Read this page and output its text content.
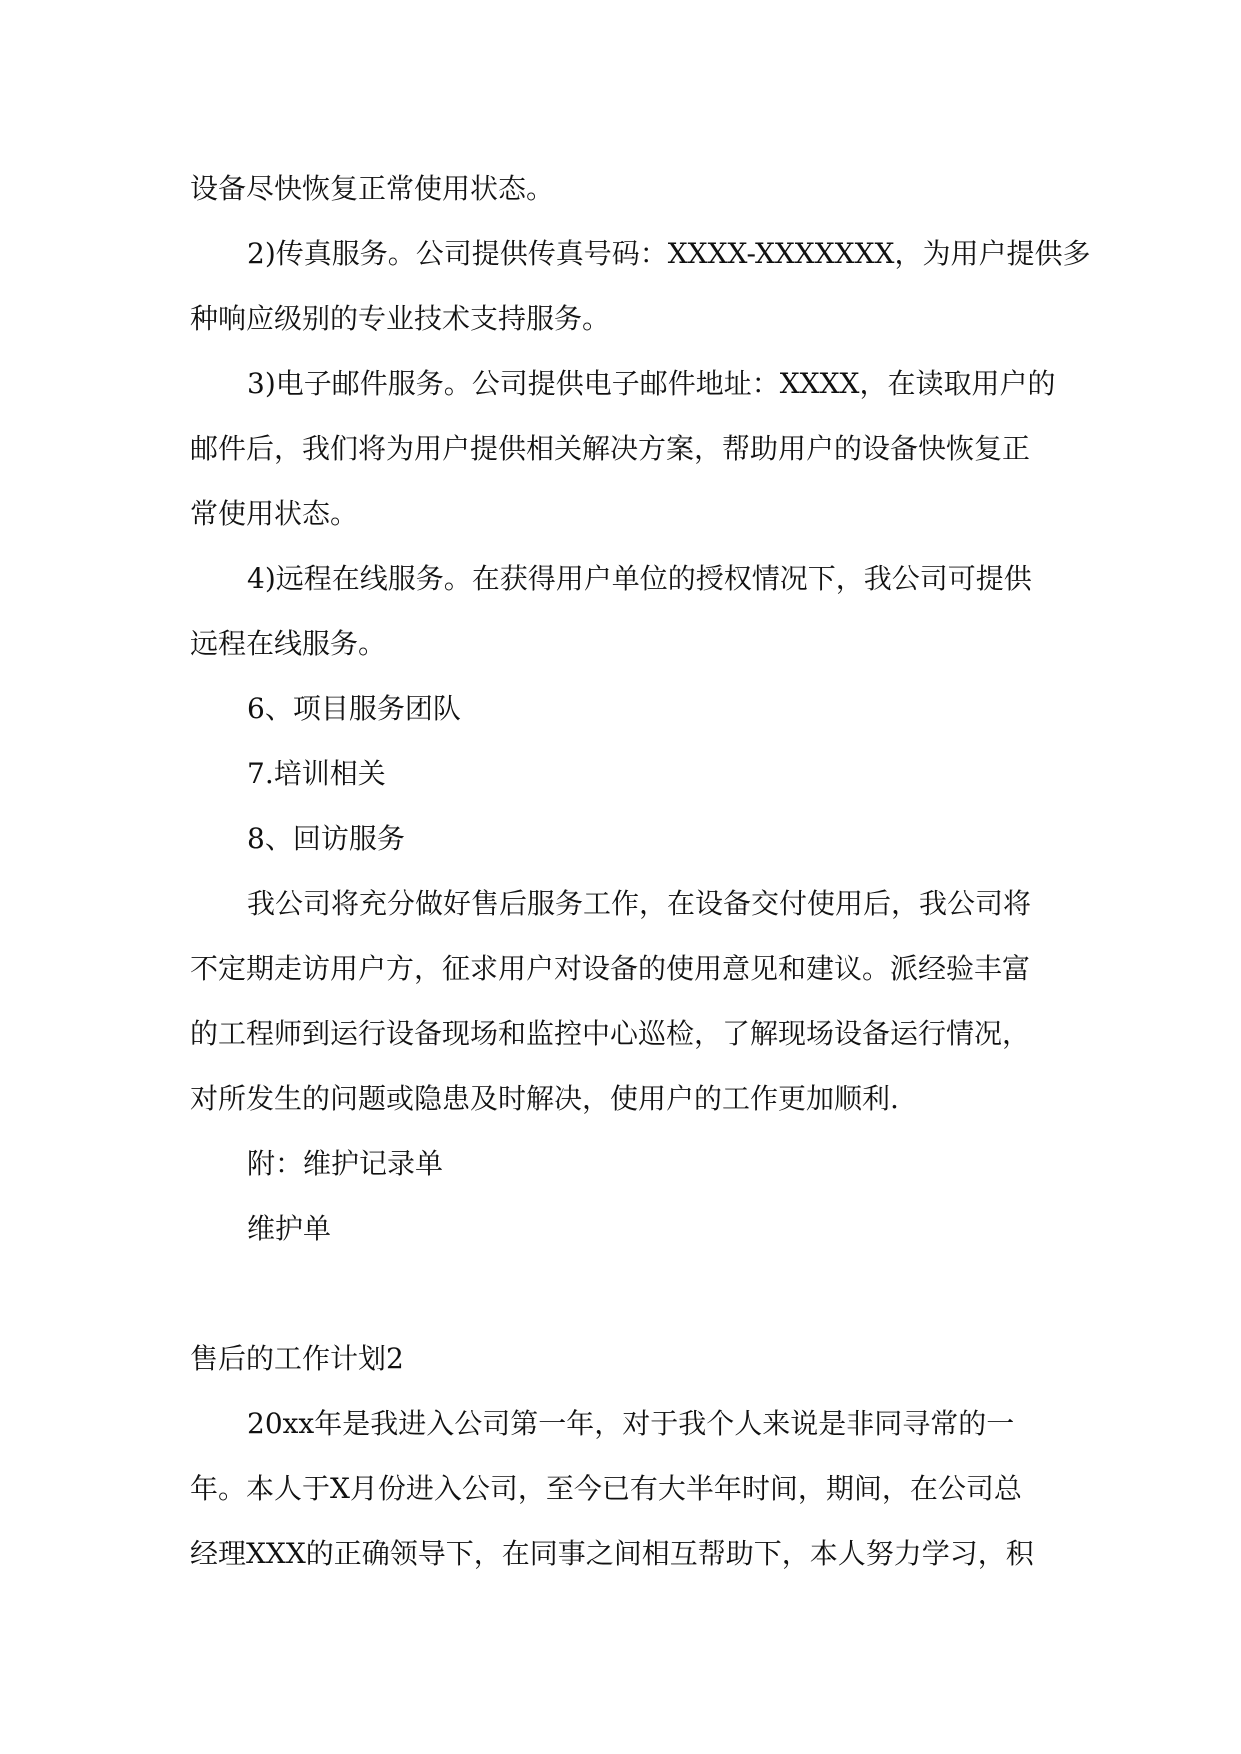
设备尽快恢复正常使用状态。
2)传真服务。公司提供传真号码：XXXX-XXXXXXX，为用户提供多
种响应级别的专业技术支持服务。
3)电子邮件服务。公司提供电子邮件地址：XXXX，在读取用户的
邮件后，我们将为用户提供相关解决方案，帮助用户的设备快恢复正
常使用状态。
4)远程在线服务。在获得用户单位的授权情况下，我公司可提供
远程在线服务。
6、项目服务团队
7.培训相关
8、回访服务
我公司将充分做好售后服务工作，在设备交付使用后，我公司将
不定期走访用户方，征求用户对设备的使用意见和建议。派经验丰富
的工程师到运行设备现场和监控中心巡检，了解现场设备运行情况，
对所发生的问题或隐患及时解决，使用户的工作更加顺利.
附：维护记录单
维护单
售后的工作计划2
20xx年是我进入公司第一年，对于我个人来说是非同寻常的一
年。本人于X月份进入公司，至今已有大半年时间，期间，在公司总
经理XXX的正确领导下，在同事之间相互帮助下，本人努力学习，积
